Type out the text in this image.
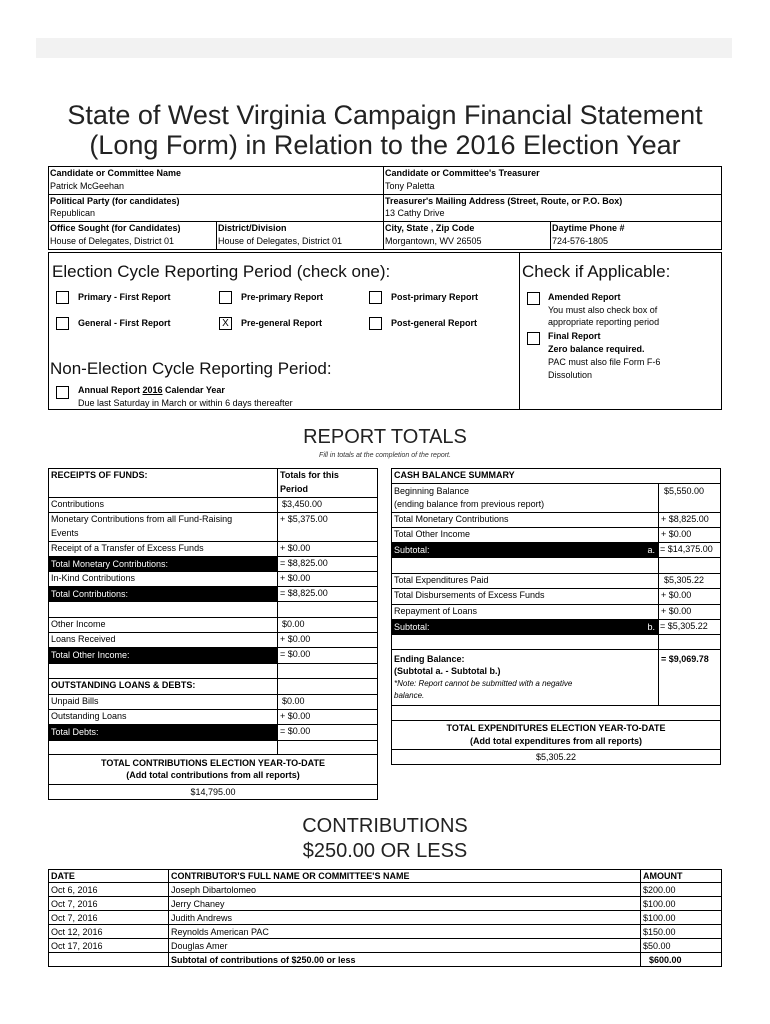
State of West Virginia Campaign Financial Statement
(Long Form) in Relation to the 2016 Election Year
Candidate or Committee Name
Patrick McGeehan
Candidate or Committee's Treasurer
Tony Paletta
Political Party (for candidates)
Republican
Treasurer's Mailing Address (Street, Route, or P.O. Box)
13 Cathy Drive
Office Sought (for Candidates)
House of Delegates, District 01
District/Division
House of Delegates, District 01
City, State , Zip Code
Morgantown, WV 26505
Daytime Phone #
724-576-1805
Election Cycle Reporting Period (check one):	Check if Applicable:
Primary - First Report	Pre-primary Report	Post-primary Report
General - First Report	X	Pre-general Report	Post-general Report
Amended Report
You must also check box of
appropriate reporting period
Final Report
Zero balance required.
PAC must also file Form F-6
Dissolution
Non-Election Cycle Reporting Period:
Annual Report 2016 Calendar Year
Due last Saturday in March or within 6 days thereafter
REPORT TOTALS
Fill in totals at the completion of the report.
RECEIPTS OF FUNDS:	Totals for this
Period
Contributions	$3,450.00
Monetary Contributions from all Fund-Raising
Events
+ $5,375.00
Receipt of a Transfer of Excess Funds	+ $0.00
Total Monetary Contributions:	= $8,825.00
In-Kind Contributions	+ $0.00
Total Contributions:	= $8,825.00
Other Income	$0.00
Loans Received	+ $0.00
Total Other Income:	= $0.00
OUTSTANDING LOANS & DEBTS:
Unpaid Bills	$0.00
Outstanding Loans	+ $0.00
Total Debts:	= $0.00
TOTAL CONTRIBUTIONS ELECTION YEAR-TO-DATE
(Add total contributions from all reports)
$14,795.00
CASH BALANCE SUMMARY
Beginning Balance
(ending balance from previous report)
$5,550.00
Total Monetary Contributions	+ $8,825.00
Total Other Income	+ $0.00
Subtotal:	a. = $14,375.00
Total Expenditures Paid	$5,305.22
Total Disbursements of Excess Funds	+ $0.00
Repayment of Loans	+ $0.00
Subtotal:	b. = $5,305.22
Ending Balance:
(Subtotal a. - Subtotal b.)
*Note: Report cannot be submitted with a negative
balance.
= $9,069.78
TOTAL EXPENDITURES ELECTION YEAR-TO-DATE
(Add total expenditures from all reports)
$5,305.22
CONTRIBUTIONS
$250.00 OR LESS
DATE	CONTRIBUTOR'S FULL NAME OR COMMITTEE'S NAME	AMOUNT
Oct 6, 2016	Joseph Dibartolomeo	$200.00
Oct 7, 2016	Jerry Chaney	$100.00
Oct 7, 2016	Judith Andrews	$100.00
Oct 12, 2016	Reynolds American PAC	$150.00
Oct 17, 2016	Douglas Amer	$50.00
Subtotal of contributions of $250.00 or less	$600.00
